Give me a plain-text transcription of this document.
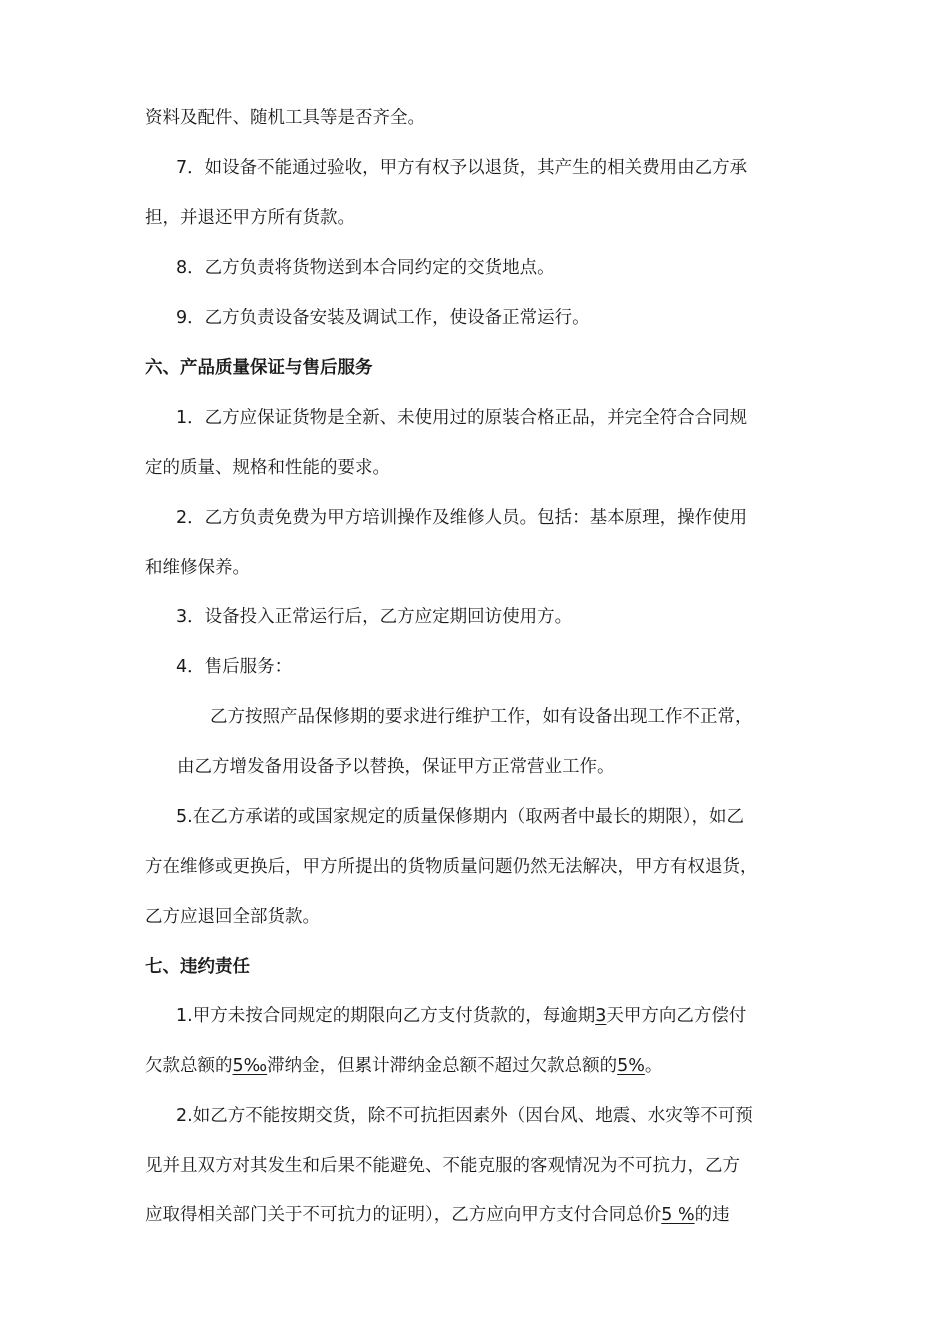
资料及配件、随机工具等是否齐全。
7．如设备不能通过验收，甲方有权予以退货，其产生的相关费用由乙方承
担，并退还甲方所有货款。
8．乙方负责将货物送到本合同约定的交货地点。
9．乙方负责设备安装及调试工作，使设备正常运行。
六、产品质量保证与售后服务
1．乙方应保证货物是全新、未使用过的原装合格正品，并完全符合合同规
定的质量、规格和性能的要求。
2．乙方负责免费为甲方培训操作及维修人员。包括：基本原理，操作使用
和维修保养。
3．设备投入正常运行后，乙方应定期回访使用方。
4．售后服务：
乙方按照产品保修期的要求进行维护工作，如有设备出现工作不正常，
由乙方增发备用设备予以替换，保证甲方正常营业工作。
5.在乙方承诺的或国家规定的质量保修期内（取两者中最长的期限），如乙
方在维修或更换后，甲方所提出的货物质量问题仍然无法解决，甲方有权退货，
乙方应退回全部货款。
七、违约责任
1.甲方未按合同规定的期限向乙方支付货款的，每逾期3天甲方向乙方偿付
欠款总额的5‰滞纳金，但累计滞纳金总额不超过欠款总额的5%。
2.如乙方不能按期交货，除不可抗拒因素外（因台风、地震、水灾等不可预
见并且双方对其发生和后果不能避免、不能克服的客观情况为不可抗力，乙方
应取得相关部门关于不可抗力的证明），乙方应向甲方支付合同总价5 %的违
